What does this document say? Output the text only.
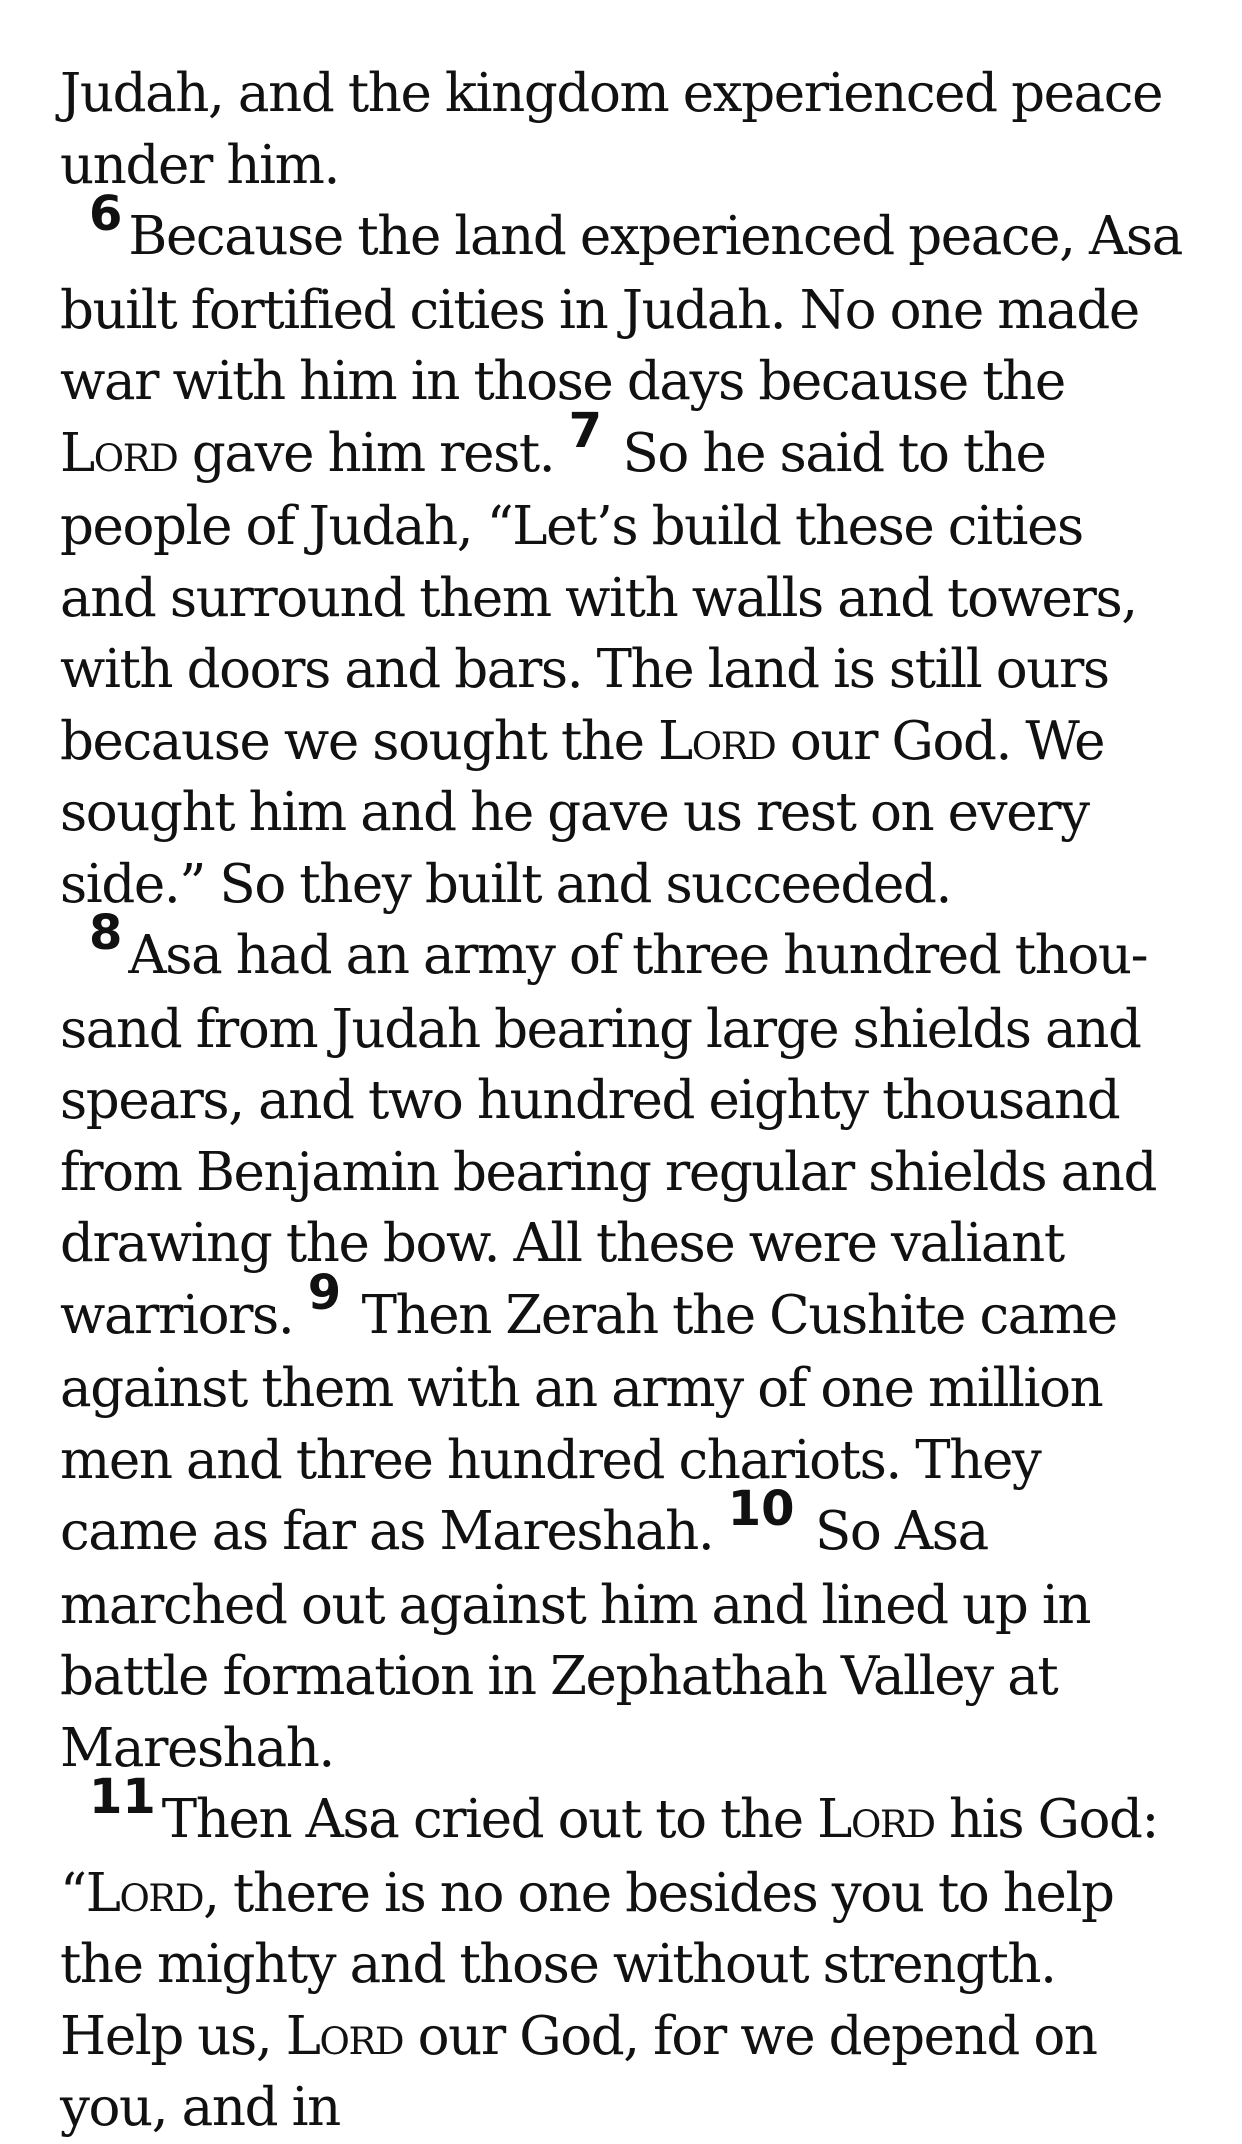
Judah, and the kingdom experienced peace under him.

6 Because the land experienced peace, Asa built fortified cities in Judah. No one made war with him in those days because the Lord gave him rest. 7 So he said to the people of Judah, “Let’s build these cities and surround them with walls and towers, with doors and bars. The land is still ours because we sought the Lord our God. We sought him and he gave us rest on every side.” So they built and succeeded.

8 Asa had an army of three hundred thou-sand from Judah bearing large shields and spears, and two hundred eighty thousand from Benjamin bearing regular shields and drawing the bow. All these were valiant warriors. 9 Then Zerah the Cushite came against them with an army of one million men and three hundred chariots. They came as far as Mareshah. 10 So Asa marched out against him and lined up in battle formation in Zephathah Valley at Mareshah.

11 Then Asa cried out to the Lord his God: “Lord, there is no one besides you to help the mighty and those without strength. Help us, Lord our God, for we depend on you, and in
